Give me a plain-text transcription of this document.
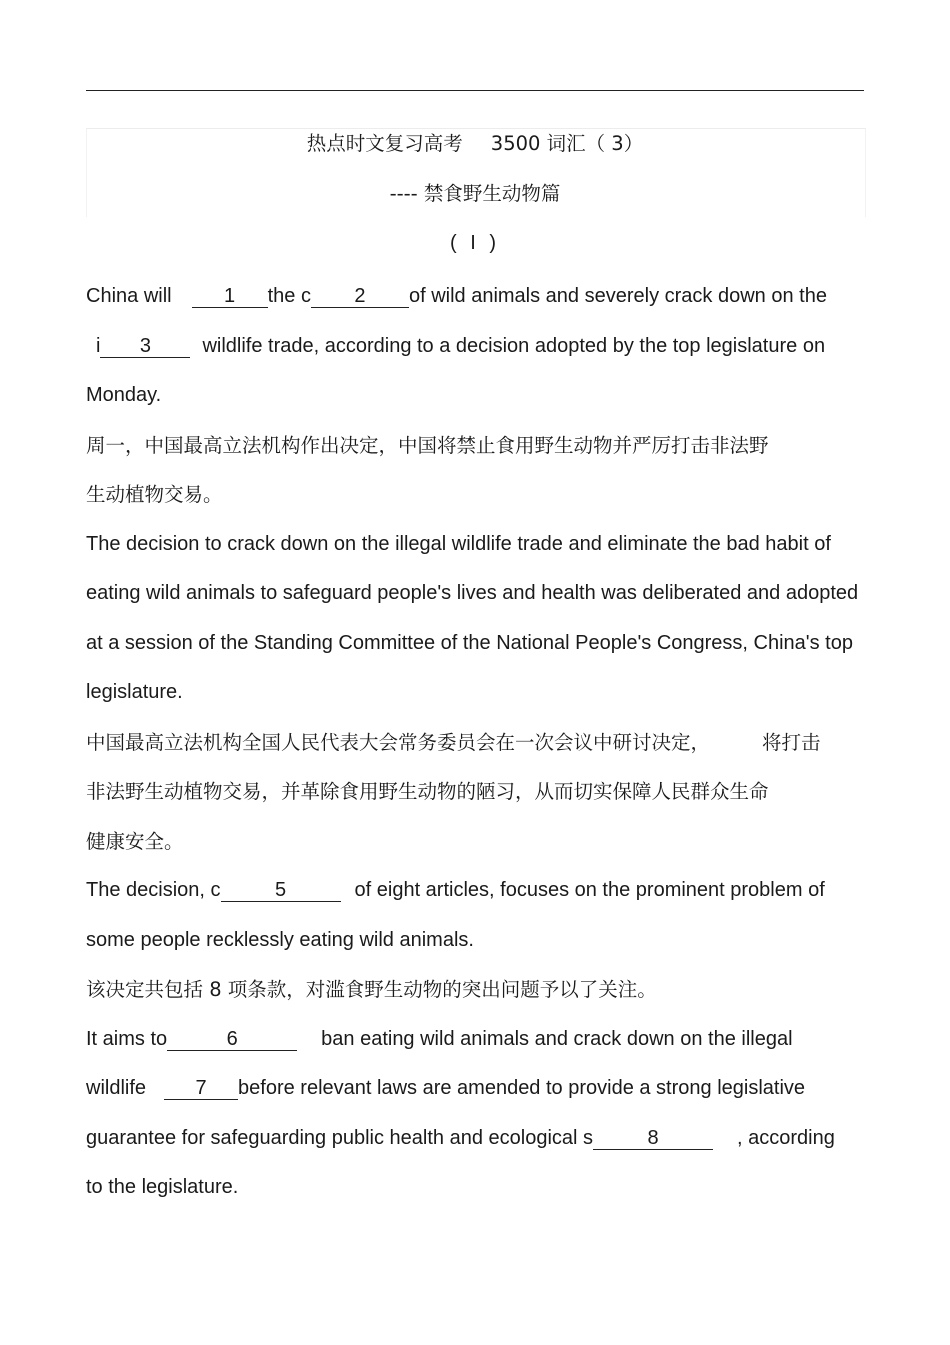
热点时文复习高考 3500 词汇（ 3）
---- 禁食野生动物篇
( I )
China will	1 the c 2 of wild animals and severely crack down on the
i 3	wildlife trade, according to a decision adopted by the top legislature on
Monday.
周一，中国最高立法机构作出决定，中国将禁止食用野生动物并严厉打击非法野
生动植物交易。
The decision to crack down on the illegal wildlife trade and eliminate the bad habit of
eating wild animals to safeguard people's lives and health was deliberated and adopted
at a session of the Standing Committee of the National People's Congress, China's top
legislature.
中国最高立法机构全国人民代表大会常务委员会在一次会议中研讨决定，	将打击
非法野生动植物交易，并革除食用野生动物的陋习，从而切实保障人民群众生命
健康安全。
The decision, c	5	of eight articles, focuses on the prominent problem of
some people recklessly eating wild animals.
该决定共包括 8 项条款，对滥食野生动物的突出问题予以了关注。
It aims to	6	ban eating wild animals and crack down on the illegal
wildlife 7 before relevant laws are amended to provide a strong legislative
guarantee for safeguarding public health and ecological s	8	, according
to the legislature.
